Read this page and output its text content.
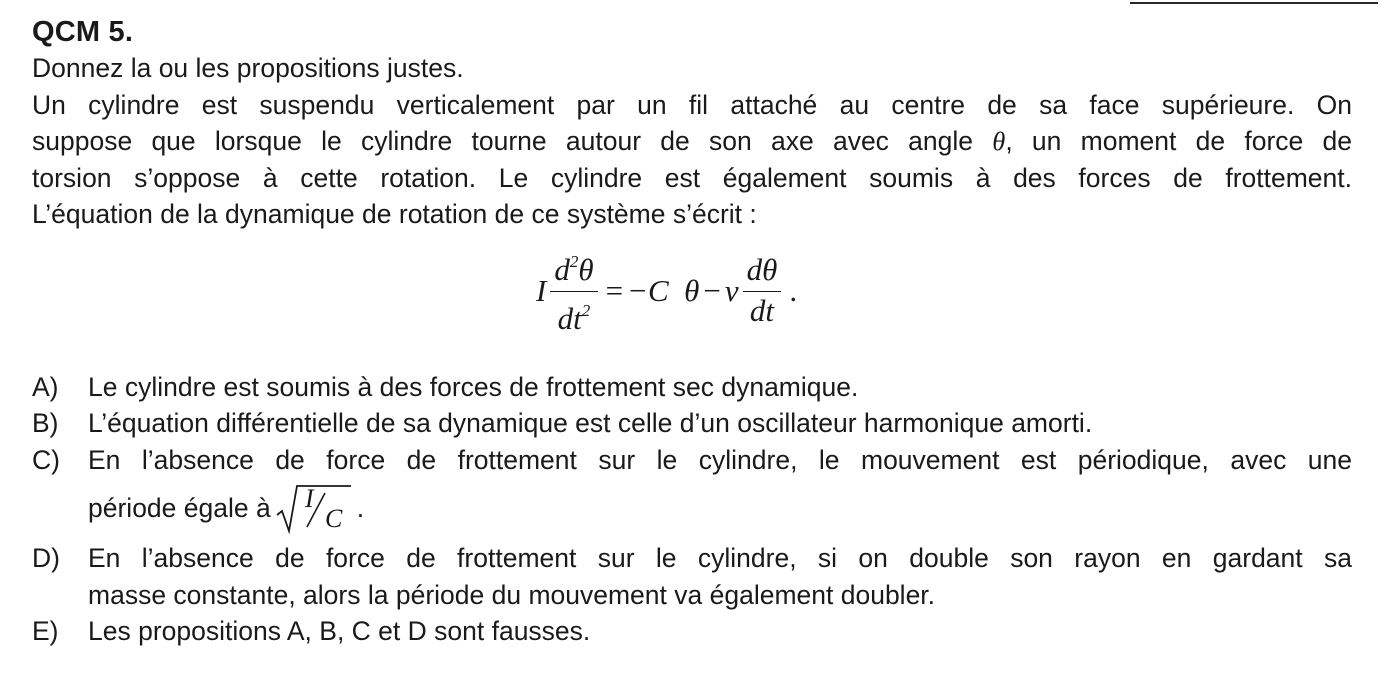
QCM 5.
Donnez la ou les propositions justes.
Un cylindre est suspendu verticalement par un fil attaché au centre de sa face supérieure. On
suppose que lorsque le cylindre tourne autour de son axe avec angle θ, un moment de force de
torsion s’oppose à cette rotation. Le cylindre est également soumis à des forces de frottement.
L’équation de la dynamique de rotation de ce système s’écrit :
I $\frac{d^2\theta}{dt^2} = -C$  θ − ν $\frac{d\theta}{dt}$ .
A)	Le cylindre est soumis à des forces de frottement sec dynamique.
B)	L’équation différentielle de sa dynamique est celle d’un oscillateur harmonique amorti.
C)	En l’absence de force de frottement sur le cylindre, le mouvement est périodique, avec une
période égale à I
C .
D)	En l’absence de force de frottement sur le cylindre, si on double son rayon en gardant sa
masse constante, alors la période du mouvement va également doubler.
E)	Les propositions A, B, C et D sont fausses.
